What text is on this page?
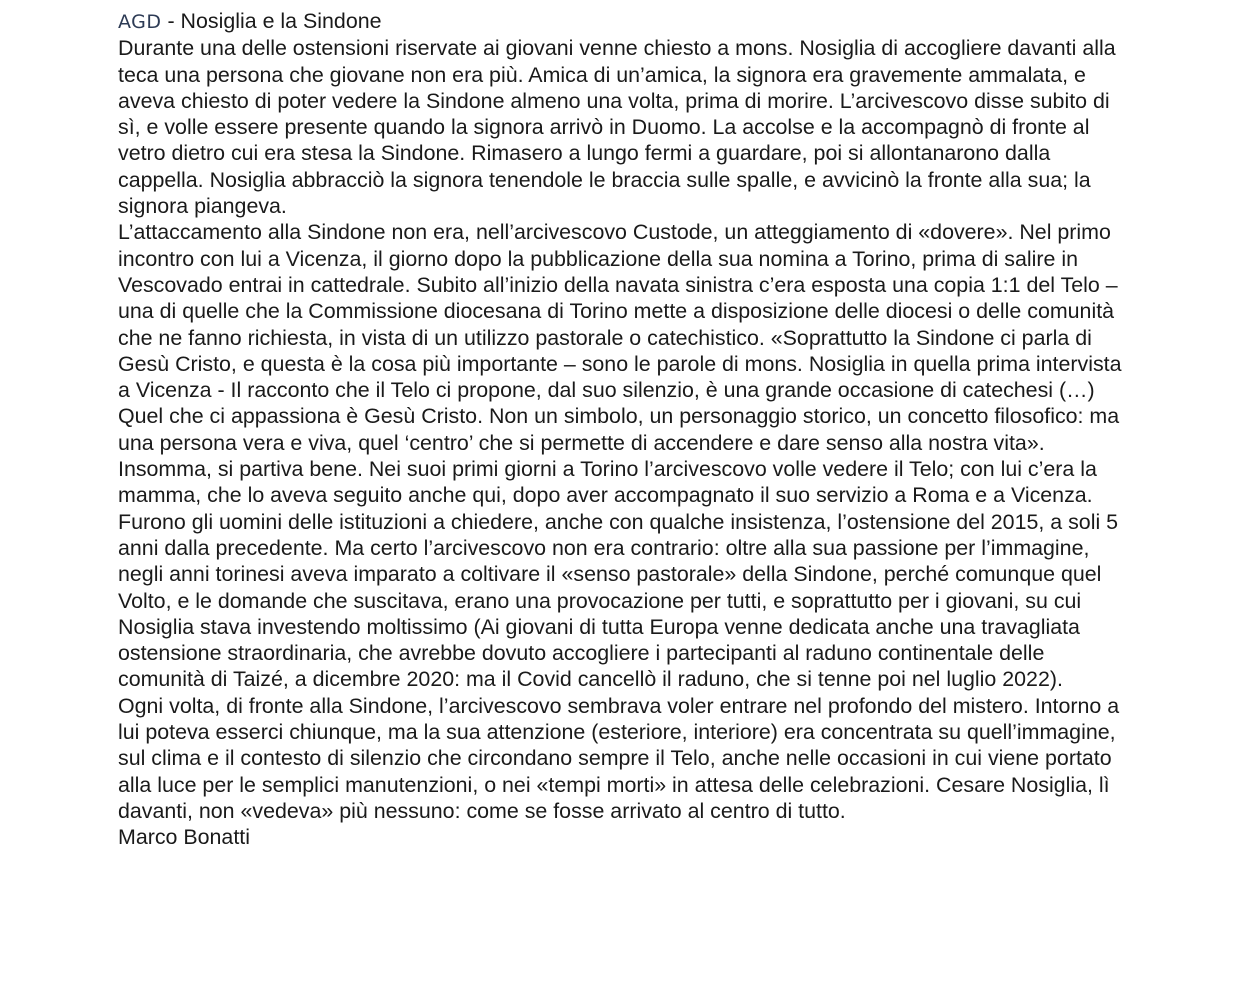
AGD - Nosiglia e la Sindone

Durante una delle ostensioni riservate ai giovani venne chiesto a mons. Nosiglia di accogliere davanti alla teca una persona che giovane non era più. Amica di un’amica, la signora era gravemente ammalata, e aveva chiesto di poter vedere la Sindone almeno una volta, prima di morire. L’arcivescovo disse subito di sì, e volle essere presente quando la signora arrivò in Duomo. La accolse e la accompagnò di fronte al vetro dietro cui era stesa la Sindone. Rimasero a lungo fermi a guardare, poi si allontanarono dalla cappella. Nosiglia abbracciò la signora tenendole le braccia sulle spalle, e avvicinò la fronte alla sua; la signora piangeva.

L’attaccamento alla Sindone non era, nell’arcivescovo Custode, un atteggiamento di «dovere». Nel primo incontro con lui a Vicenza, il giorno dopo la pubblicazione della sua nomina a Torino, prima di salire in Vescovado entrai in cattedrale. Subito all’inizio della navata sinistra c’era esposta una copia 1:1 del Telo – una di quelle che la Commissione diocesana di Torino mette a disposizione delle diocesi o delle comunità che ne fanno richiesta, in vista di un utilizzo pastorale o catechistico. «Soprattutto la Sindone ci parla di Gesù Cristo, e questa è la cosa più importante – sono le parole di mons. Nosiglia in quella prima intervista a Vicenza - Il racconto che il Telo ci propone, dal suo silenzio, è una grande occasione di catechesi (…) Quel che ci appassiona è Gesù Cristo. Non un simbolo, un personaggio storico, un concetto filosofico: ma una persona vera e viva, quel ‘centro’ che si permette di accendere e dare senso alla nostra vita».

Insomma, si partiva bene. Nei suoi primi giorni a Torino l’arcivescovo volle vedere il Telo; con lui c’era la mamma, che lo aveva seguito anche qui, dopo aver accompagnato il suo servizio a Roma e a Vicenza.

Furono gli uomini delle istituzioni a chiedere, anche con qualche insistenza, l’ostensione del 2015, a soli 5 anni dalla precedente. Ma certo l’arcivescovo non era contrario: oltre alla sua passione per l’immagine, negli anni torinesi aveva imparato a coltivare il «senso pastorale» della Sindone, perché comunque quel Volto, e le domande che suscitava, erano una provocazione per tutti, e soprattutto per i giovani, su cui Nosiglia stava investendo moltissimo (Ai giovani di tutta Europa venne dedicata anche una travagliata ostensione straordinaria, che avrebbe dovuto accogliere i partecipanti al raduno continentale delle comunità di Taizé, a dicembre 2020: ma il Covid cancellò il raduno, che si tenne poi nel luglio 2022).

Ogni volta, di fronte alla Sindone, l’arcivescovo sembrava voler entrare nel profondo del mistero. Intorno a lui poteva esserci chiunque, ma la sua attenzione (esteriore, interiore) era concentrata su quell’immagine, sul clima e il contesto di silenzio che circondano sempre il Telo, anche nelle occasioni in cui viene portato alla luce per le semplici manutenzioni, o nei «tempi morti» in attesa delle celebrazioni. Cesare Nosiglia, lì davanti, non «vedeva» più nessuno: come se fosse arrivato al centro di tutto.

Marco Bonatti
